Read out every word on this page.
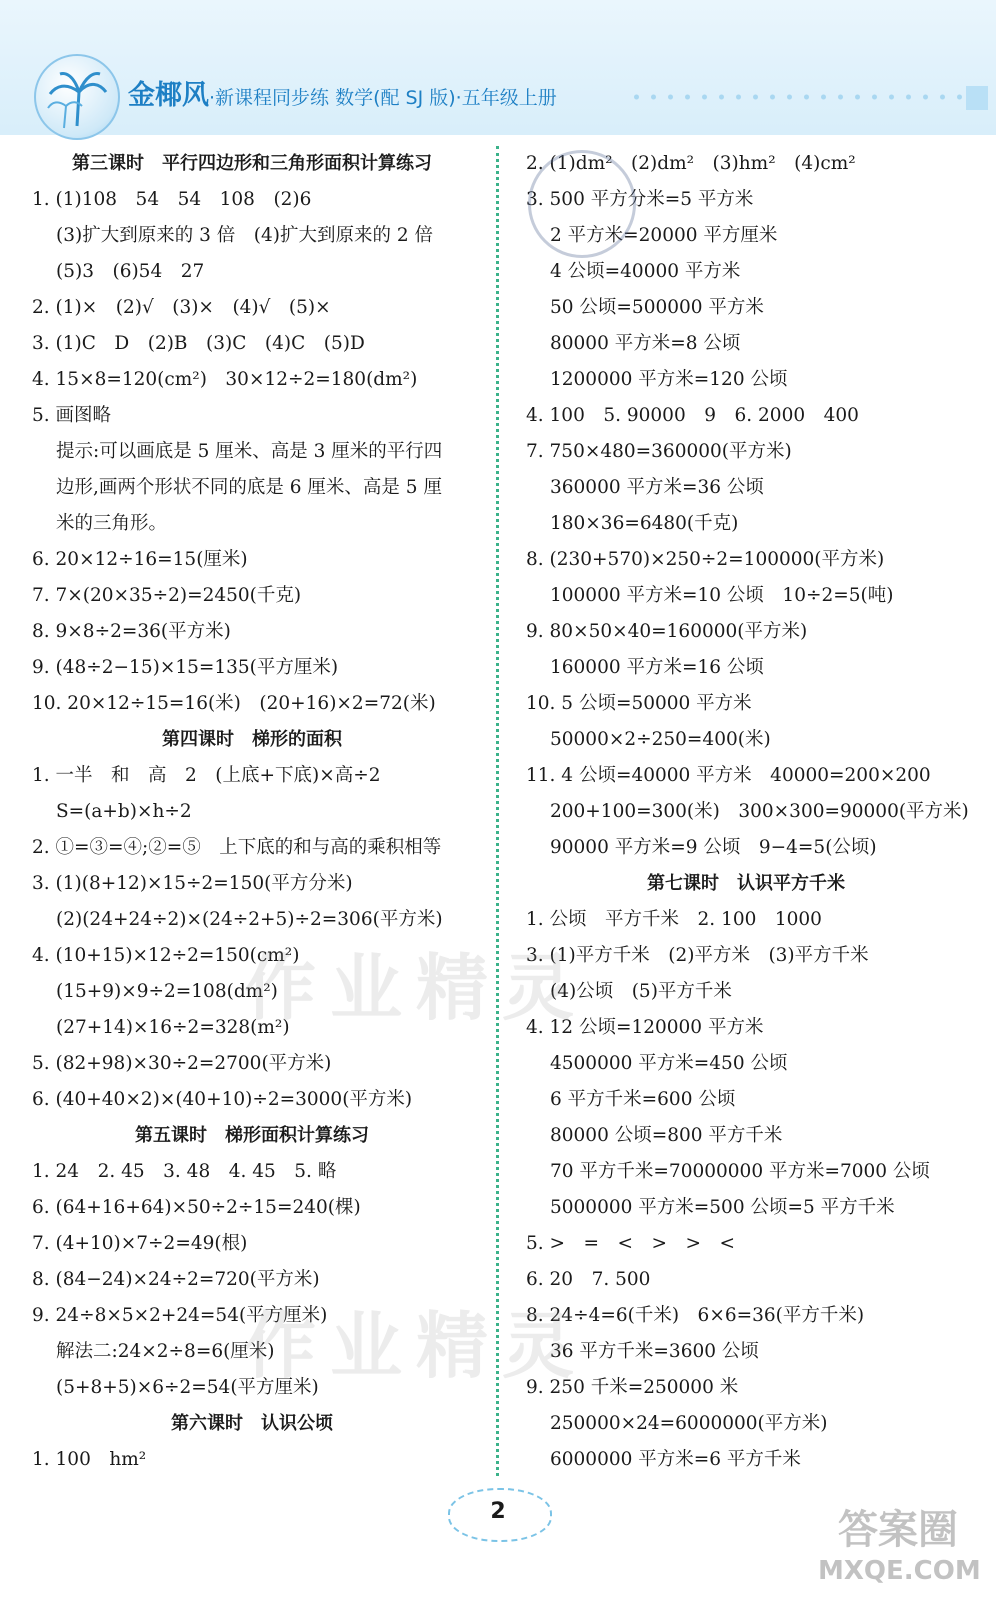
金椰风·新课程同步练 数学(配 SJ 版)·五年级上册
第三课时　平行四边形和三角形面积计算练习
1. (1)108　54　54　108　(2)6
(3)扩大到原来的 3 倍　(4)扩大到原来的 2 倍
(5)3　(6)54　27
2. (1)×　(2)√　(3)×　(4)√　(5)×
3. (1)C　D　(2)B　(3)C　(4)C　(5)D
4. 15×8=120(cm²)　30×12÷2=180(dm²)
5. 画图略
提示:可以画底是 5 厘米、高是 3 厘米的平行四
边形,画两个形状不同的底是 6 厘米、高是 5 厘
米的三角形。
6. 20×12÷16=15(厘米)
7. 7×(20×35÷2)=2450(千克)
8. 9×8÷2=36(平方米)
9. (48÷2−15)×15=135(平方厘米)
10. 20×12÷15=16(米)　(20+16)×2=72(米)
第四课时　梯形的面积
1. 一半　和　高　2　(上底+下底)×高÷2
S=(a+b)×h÷2
2. ①=③=④;②=⑤　上下底的和与高的乘积相等
3. (1)(8+12)×15÷2=150(平方分米)
(2)(24+24÷2)×(24÷2+5)÷2=306(平方米)
4. (10+15)×12÷2=150(cm²)
(15+9)×9÷2=108(dm²)
(27+14)×16÷2=328(m²)
5. (82+98)×30÷2=2700(平方米)
6. (40+40×2)×(40+10)÷2=3000(平方米)
第五课时　梯形面积计算练习
1. 24　2. 45　3. 48　4. 45　5. 略
6. (64+16+64)×50÷2÷15=240(棵)
7. (4+10)×7÷2=49(根)
8. (84−24)×24÷2=720(平方米)
9. 24÷8×5×2+24=54(平方厘米)
解法二:24×2÷8=6(厘米)
(5+8+5)×6÷2=54(平方厘米)
第六课时　认识公顷
1. 100　hm²
2. (1)dm²　(2)dm²　(3)hm²　(4)cm²
3. 500 平方分米=5 平方米
2 平方米=20000 平方厘米
4 公顷=40000 平方米
50 公顷=500000 平方米
80000 平方米=8 公顷
1200000 平方米=120 公顷
4. 100　5. 90000　9　6. 2000　400
7. 750×480=360000(平方米)
360000 平方米=36 公顷
180×36=6480(千克)
8. (230+570)×250÷2=100000(平方米)
100000 平方米=10 公顷　10÷2=5(吨)
9. 80×50×40=160000(平方米)
160000 平方米=16 公顷
10. 5 公顷=50000 平方米
50000×2÷250=400(米)
11. 4 公顷=40000 平方米　40000=200×200
200+100=300(米)　300×300=90000(平方米)
90000 平方米=9 公顷　9−4=5(公顷)
第七课时　认识平方千米
1. 公顷　平方千米　2. 100　1000
3. (1)平方千米　(2)平方米　(3)平方千米
(4)公顷　(5)平方千米
4. 12 公顷=120000 平方米
4500000 平方米=450 公顷
6 平方千米=600 公顷
80000 公顷=800 平方千米
70 平方千米=70000000 平方米=7000 公顷
5000000 平方米=500 公顷=5 平方千米
5. >　=　<　>　>　<
6. 20　7. 500
8. 24÷4=6(千米)　6×6=36(平方千米)
36 平方千米=3600 公顷
9. 250 千米=250000 米
250000×24=6000000(平方米)
6000000 平方米=6 平方千米
作业精灵
作业精灵
2	答案圈
MXQE.COM
